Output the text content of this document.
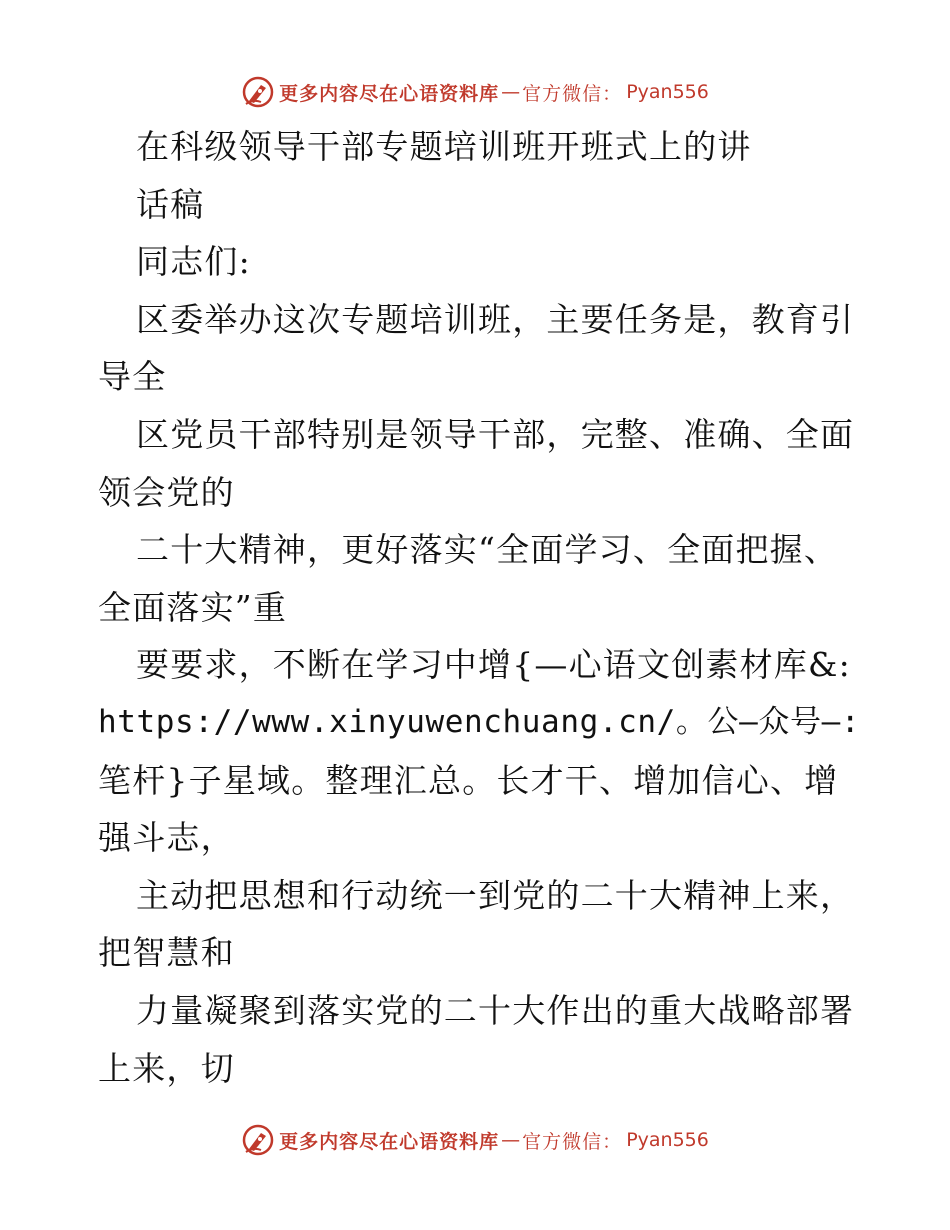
更多内容尽在心语资料库 — 官方微信： Pyan556
在科级领导干部专题培训班开班式上的讲
话稿
同志们:
区委举办这次专题培训班，主要任务是，教育引
导全
区党员干部特别是领导干部，完整、准确、全面
领会党的
二十大精神，更好落实“全面学习、全面把握、
全面落实”重
要要求，不断在学习中增{—心语文创素材库&:
https://www.xinyuwenchuang.cn/。公—众号—:
笔杆}子星域。整理汇总。长才干、增加信心、增
强斗志，
主动把思想和行动统一到党的二十大精神上来，
把智慧和
力量凝聚到落实党的二十大作出的重大战略部署
上来，切
更多内容尽在心语资料库 — 官方微信： Pyan556
